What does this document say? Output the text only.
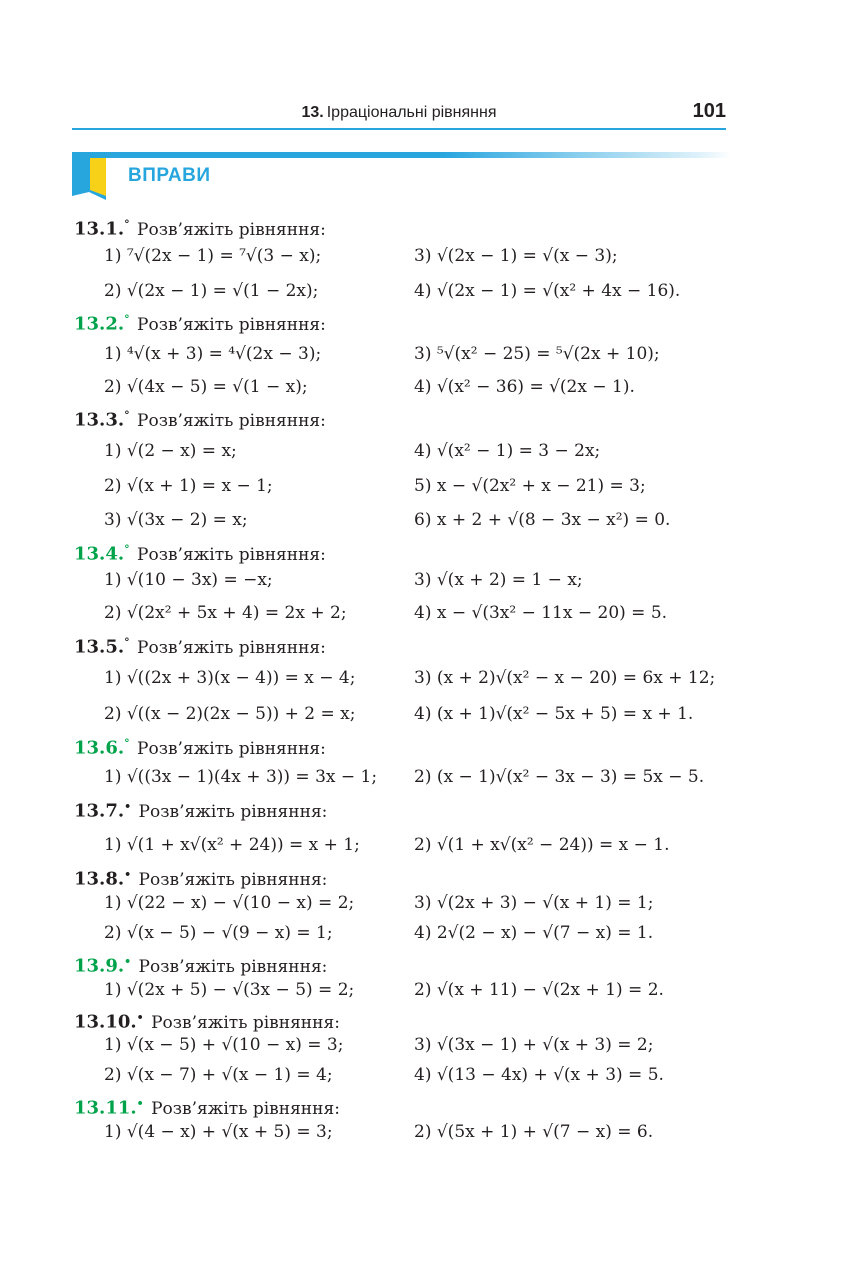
13. Ірраціональні рівняння	101
ВПРАВИ
13.1.° Розв’яжіть рівняння:
1) ⁷√(2x − 1) = ⁷√(3 − x);	3) √(2x − 1) = √(x − 3);
2) √(2x − 1) = √(1 − 2x);	4) √(2x − 1) = √(x² + 4x − 16).
13.2.° Розв’яжіть рівняння:
1) ⁴√(x + 3) = ⁴√(2x − 3);	3) ⁵√(x² − 25) = ⁵√(2x + 10);
2) √(4x − 5) = √(1 − x);	4) √(x² − 36) = √(2x − 1).
13.3.° Розв’яжіть рівняння:
1) √(2 − x) = x;	4) √(x² − 1) = 3 − 2x;
2) √(x + 1) = x − 1;	5) x − √(2x² + x − 21) = 3;
3) √(3x − 2) = x;	6) x + 2 + √(8 − 3x − x²) = 0.
13.4.° Розв’яжіть рівняння:
1) √(10 − 3x) = −x;	3) √(x + 2) = 1 − x;
2) √(2x² + 5x + 4) = 2x + 2;	4) x − √(3x² − 11x − 20) = 5.
13.5.° Розв’яжіть рівняння:
1) √((2x + 3)(x − 4)) = x − 4;	3) (x + 2)√(x² − x − 20) = 6x + 12;
2) √((x − 2)(2x − 5)) + 2 = x;	4) (x + 1)√(x² − 5x + 5) = x + 1.
13.6.° Розв’яжіть рівняння:
1) √((3x − 1)(4x + 3)) = 3x − 1; 2) (x − 1)√(x² − 3x − 3) = 5x − 5.
13.7.• Розв’яжіть рівняння:
1) √(1 + x√(x² + 24)) = x + 1;	2) √(1 + x√(x² − 24)) = x − 1.
13.8.• Розв’яжіть рівняння:
1) √(22 − x) − √(10 − x) = 2;	3) √(2x + 3) − √(x + 1) = 1;
2) √(x − 5) − √(9 − x) = 1;	4) 2√(2 − x) − √(7 − x) = 1.
13.9.• Розв’яжіть рівняння:
1) √(2x + 5) − √(3x − 5) = 2;	2) √(x + 11) − √(2x + 1) = 2.
13.10.• Розв’яжіть рівняння:
1) √(x − 5) + √(10 − x) = 3;	3) √(3x − 1) + √(x + 3) = 2;
2) √(x − 7) + √(x − 1) = 4;	4) √(13 − 4x) + √(x + 3) = 5.
13.11.• Розв’яжіть рівняння:
1) √(4 − x) + √(x + 5) = 3;	2) √(5x + 1) + √(7 − x) = 6.
